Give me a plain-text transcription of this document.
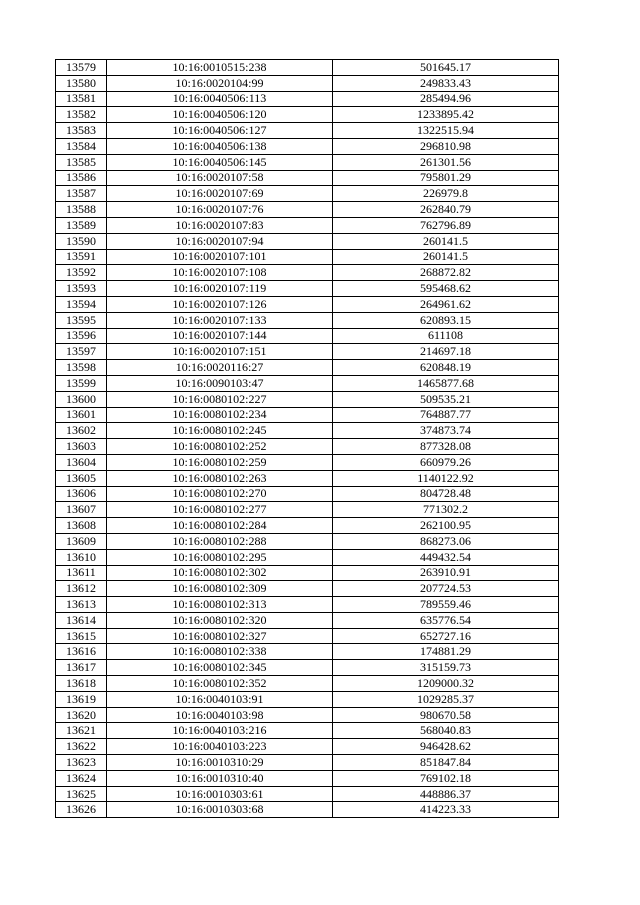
13579	10:16:0010515:238	501645.17
13580	10:16:0020104:99	249833.43
13581	10:16:0040506:113	285494.96
13582	10:16:0040506:120	1233895.42
13583	10:16:0040506:127	1322515.94
13584	10:16:0040506:138	296810.98
13585	10:16:0040506:145	261301.56
13586	10:16:0020107:58	795801.29
13587	10:16:0020107:69	226979.8
13588	10:16:0020107:76	262840.79
13589	10:16:0020107:83	762796.89
13590	10:16:0020107:94	260141.5
13591	10:16:0020107:101	260141.5
13592	10:16:0020107:108	268872.82
13593	10:16:0020107:119	595468.62
13594	10:16:0020107:126	264961.62
13595	10:16:0020107:133	620893.15
13596	10:16:0020107:144	611108
13597	10:16:0020107:151	214697.18
13598	10:16:0020116:27	620848.19
13599	10:16:0090103:47	1465877.68
13600	10:16:0080102:227	509535.21
13601	10:16:0080102:234	764887.77
13602	10:16:0080102:245	374873.74
13603	10:16:0080102:252	877328.08
13604	10:16:0080102:259	660979.26
13605	10:16:0080102:263	1140122.92
13606	10:16:0080102:270	804728.48
13607	10:16:0080102:277	771302.2
13608	10:16:0080102:284	262100.95
13609	10:16:0080102:288	868273.06
13610	10:16:0080102:295	449432.54
13611	10:16:0080102:302	263910.91
13612	10:16:0080102:309	207724.53
13613	10:16:0080102:313	789559.46
13614	10:16:0080102:320	635776.54
13615	10:16:0080102:327	652727.16
13616	10:16:0080102:338	174881.29
13617	10:16:0080102:345	315159.73
13618	10:16:0080102:352	1209000.32
13619	10:16:0040103:91	1029285.37
13620	10:16:0040103:98	980670.58
13621	10:16:0040103:216	568040.83
13622	10:16:0040103:223	946428.62
13623	10:16:0010310:29	851847.84
13624	10:16:0010310:40	769102.18
13625	10:16:0010303:61	448886.37
13626	10:16:0010303:68	414223.33
